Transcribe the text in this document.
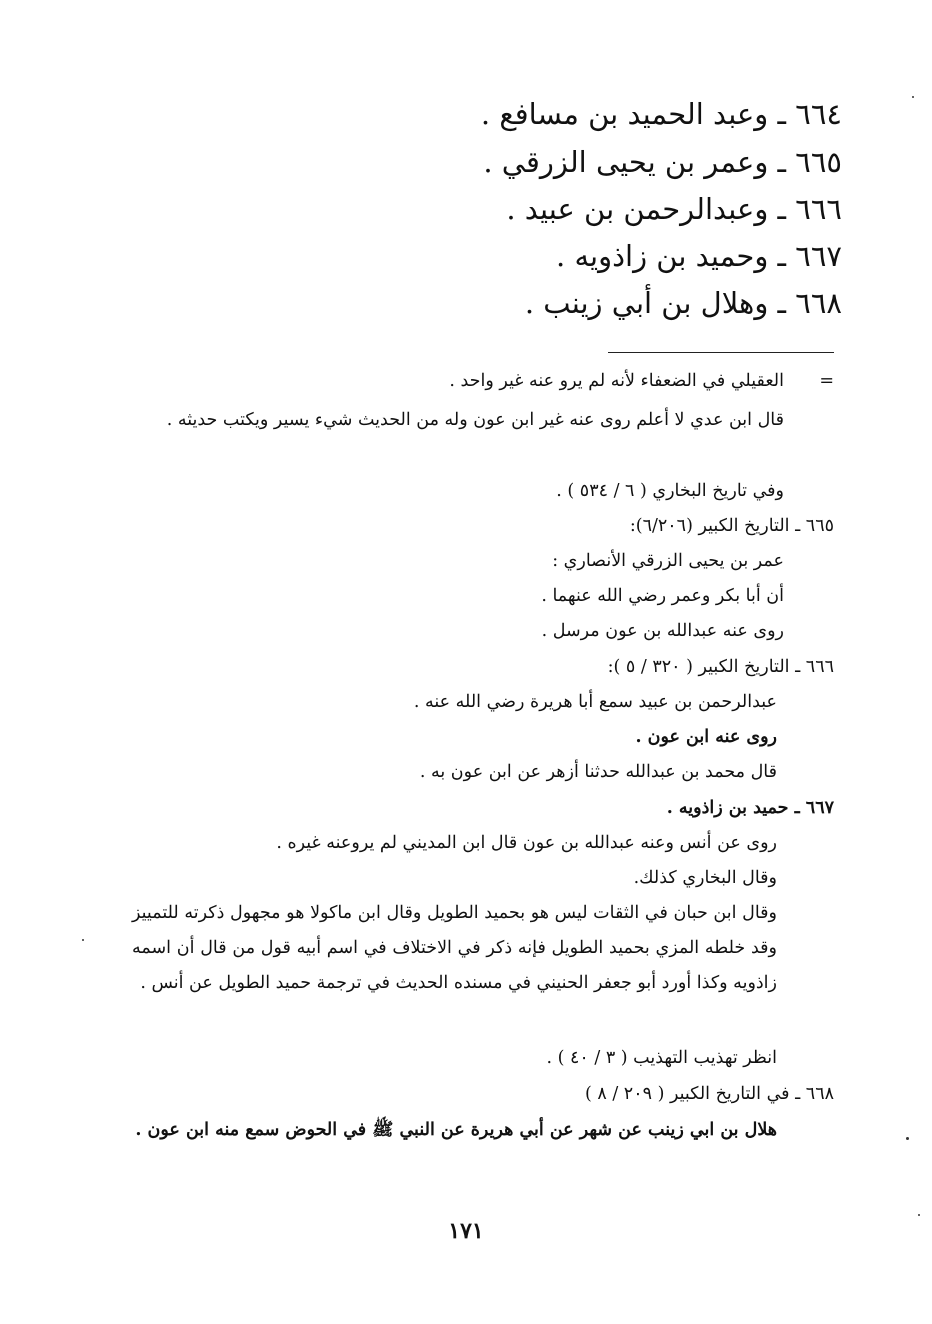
٦٦٤ ـ وعبد الحميد بن مسافع .
٦٦٥ ـ وعمر بن يحيى الزرقي .
٦٦٦ ـ وعبدالرحمن بن عبيد .
٦٦٧ ـ وحميد بن زاذويه .
٦٦٨ ـ وهلال بن أبي زينب .
=
العقيلي في الضعفاء لأنه لم يرو عنه غير واحد .
قال ابن عدي لا أعلم روى عنه غير ابن عون وله من الحديث شيء يسير ويكتب حديثه .
وفي تاريخ البخاري ( ٦ / ٥٣٤ ) .
٦٦٥ ـ التاريخ الكبير (٦/٢٠٦):
عمر بن يحيى الزرقي الأنصاري :
أن أبا بكر وعمر رضي الله عنهما .
روى عنه عبدالله بن عون مرسل .
٦٦٦ ـ التاريخ الكبير ( ٣٢٠ / ٥ ):
عبدالرحمن بن عبيد سمع أبا هريرة رضي الله عنه .
روى عنه ابن عون .
قال محمد بن عبدالله حدثنا أزهر عن ابن عون به .
٦٦٧ ـ حميد بن زاذويه .
روى عن أنس وعنه عبدالله بن عون قال ابن المديني لم يروعنه غيره .
وقال البخاري كذلك.
وقال ابن حبان في الثقات ليس هو بحميد الطويل وقال ابن ماكولا هو مجهول ذكرته للتمييز وقد خلطه المزي بحميد الطويل فإنه ذكر في الاختلاف في اسم أبيه قول من قال أن اسمه زاذويه وكذا أورد أبو جعفر الحنيني في مسنده الحديث في ترجمة حميد الطويل عن أنس .
انظر تهذيب التهذيب ( ٣ / ٤٠ ) .
٦٦٨ ـ في التاريخ الكبير ( ٢٠٩ / ٨ )
هلال بن ابي زينب عن شهر عن أبي هريرة عن النبي ﷺ في الحوض سمع منه ابن عون .
١٧١
